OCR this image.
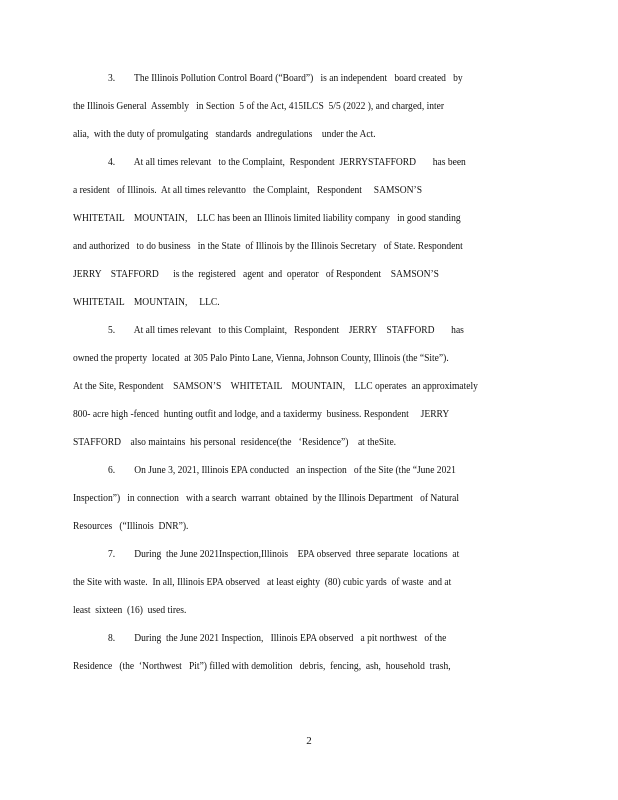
3.        The Illinois Pollution Control Board (“Board”)   is an independent   board created   by
the Illinois General  Assembly   in Section  5 of the Act, 415ILCS  5/5 (2022 ), and charged, inter
alia,  with the duty of promulgating   standards  andregulations    under the Act.
4.        At all times relevant   to the Complaint,  Respondent  JERRYSTAFFORD       has been
a resident   of Illinois.  At all times relevantto   the Complaint,   Respondent     SAMSON’S
WHITETAIL    MOUNTAIN,    LLC has been an Illinois limited liability company   in good standing
and authorized   to do business   in the State  of Illinois by the Illinois Secretary   of State. Respondent
JERRY    STAFFORD      is the  registered   agent  and  operator   of Respondent    SAMSON’S
WHITETAIL    MOUNTAIN,     LLC.
5.        At all times relevant   to this Complaint,   Respondent    JERRY    STAFFORD       has
owned the property  located  at 305 Palo Pinto Lane, Vienna, Johnson County, Illinois (the “Site”).
At the Site, Respondent    SAMSON’S    WHITETAIL    MOUNTAIN,    LLC operates  an approximately
800- acre high -fenced  hunting outfit and lodge, and a taxidermy  business. Respondent     JERRY
STAFFORD    also maintains  his personal  residence(the   ‘Residence”)    at theSite.
6.        On June 3, 2021, Illinois EPA conducted   an inspection   of the Site (the “June 2021
Inspection”)   in connection   with a search  warrant  obtained  by the Illinois Department   of Natural
Resources   (“Illinois  DNR”).
7.        During  the June 2021Inspection,Illinois    EPA observed  three separate  locations  at
the Site with waste.  In all, Illinois EPA observed   at least eighty  (80) cubic yards  of waste  and at
least  sixteen  (16)  used tires.
8.        During  the June 2021 Inspection,   Illinois EPA observed   a pit northwest   of the
Residence   (the  ‘Northwest   Pit”) filled with demolition   debris,  fencing,  ash,  household  trash,
2
